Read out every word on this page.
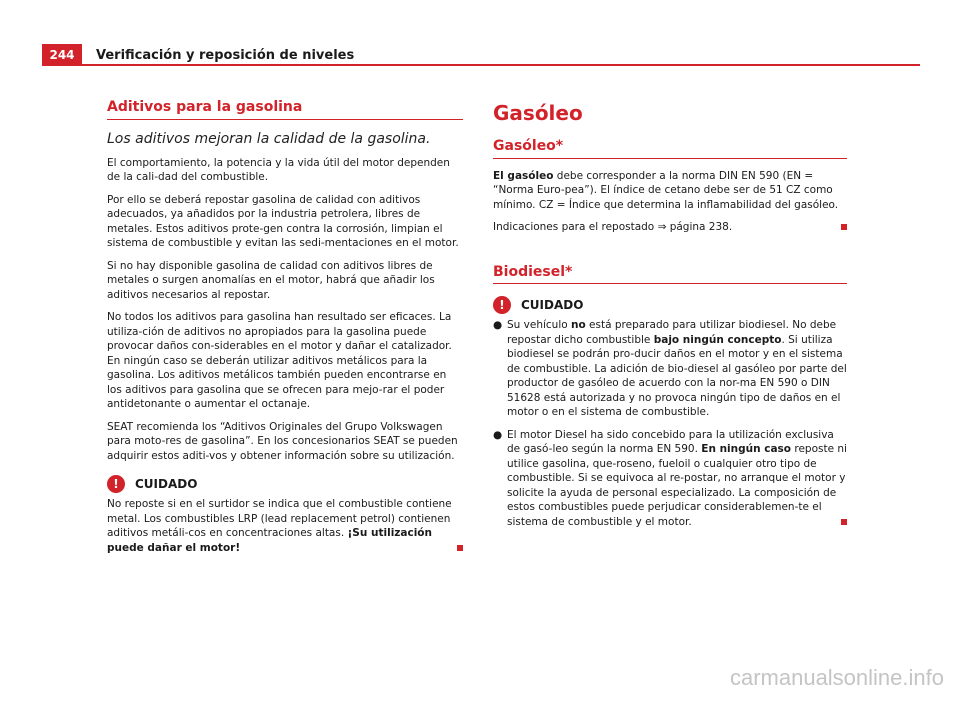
244	Verificación y reposición de niveles
Aditivos para la gasolina

Los aditivos mejoran la calidad de la gasolina.

El comportamiento, la potencia y la vida útil del motor dependen de la cali-dad del combustible.

Por ello se deberá repostar gasolina de calidad con aditivos adecuados, ya añadidos por la industria petrolera, libres de metales. Estos aditivos prote-gen contra la corrosión, limpian el sistema de combustible y evitan las sedi-mentaciones en el motor.

Si no hay disponible gasolina de calidad con aditivos libres de metales o surgen anomalías en el motor, habrá que añadir los aditivos necesarios al repostar.

No todos los aditivos para gasolina han resultado ser eficaces. La utiliza-ción de aditivos no apropiados para la gasolina puede provocar daños con-siderables en el motor y dañar el catalizador. En ningún caso se deberán utilizar aditivos metálicos para la gasolina. Los aditivos metálicos también pueden encontrarse en los aditivos para gasolina que se ofrecen para mejo-rar el poder antidetonante o aumentar el octanaje.

SEAT recomienda los “Aditivos Originales del Grupo Volkswagen para moto-res de gasolina”. En los concesionarios SEAT se pueden adquirir estos aditi-vos y obtener información sobre su utilización.

!	CUIDADO
No reposte si en el surtidor se indica que el combustible contiene metal. Los combustibles LRP (lead replacement petrol) contienen aditivos metáli-cos en concentraciones altas. ¡Su utilización puede dañar el motor!
Gasóleo
Gasóleo*

El gasóleo debe corresponder a la norma DIN EN 590 (EN = “Norma Euro-pea”). El índice de cetano debe ser de 51 CZ como mínimo. CZ = Índice que determina la inflamabilidad del gasóleo.

Indicaciones para el repostado ⇒ página 238.

Biodiesel*
!	CUIDADO
● Su vehículo no está preparado para utilizar biodiesel. No debe repostar dicho combustible bajo ningún concepto. Si utiliza biodiesel se podrán pro-ducir daños en el motor y en el sistema de combustible. La adición de bio-diesel al gasóleo por parte del productor de gasóleo de acuerdo con la nor-ma EN 590 o DIN 51628 está autorizada y no provoca ningún tipo de daños en el motor o en el sistema de combustible.
● El motor Diesel ha sido concebido para la utilización exclusiva de gasó-leo según la norma EN 590. En ningún caso reposte ni utilice gasolina, que-roseno, fueloil o cualquier otro tipo de combustible. Si se equivoca al re-postar, no arranque el motor y solicite la ayuda de personal especializado. La composición de estos combustibles puede perjudicar considerablemen-te el sistema de combustible y el motor.
carmanualsonline.info
